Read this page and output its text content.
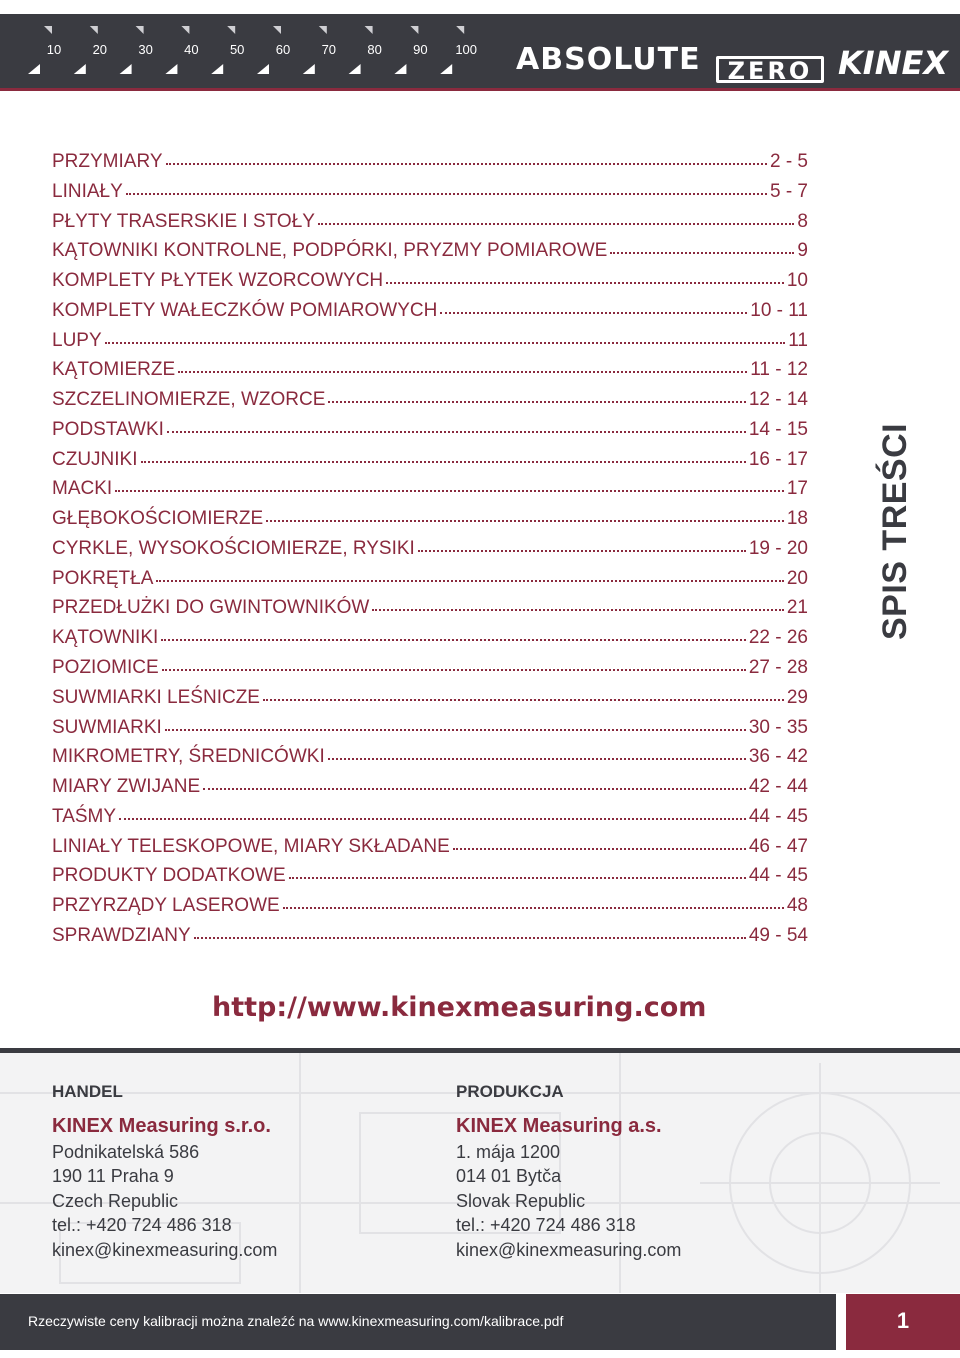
10	20	30	40	50	60	70	80	90	100	ABSOLUTE	ZERO KINEX
PRZYMIARY	2 - 5
LINIAŁY	5 - 7
PŁYTY TRASERSKIE I STOŁY	8
KĄTOWNIKI KONTROLNE, PODPÓRKI, PRYZMY POMIAROWE	9
KOMPLETY PŁYTEK WZORCOWYCH	10
KOMPLETY WAŁECZKÓW POMIAROWYCH	10 - 11
LUPY	11
KĄTOMIERZE	11 - 12
SZCZELINOMIERZE, WZORCE	12 - 14
PODSTAWKI	14 - 15
CZUJNIKI	16 - 17
MACKI	17
GŁĘBOKOŚCIOMIERZE	18
CYRKLE, WYSOKOŚCIOMIERZE, RYSIKI	19 - 20
POKRĘTŁA	20
PRZEDŁUŻKI DO GWINTOWNIKÓW	21
KĄTOWNIKI	22 - 26
POZIOMICE	27 - 28
SUWMIARKI LEŚNICZE	29
SUWMIARKI	30 - 35
MIKROMETRY, ŚREDNICÓWKI	36 - 42
MIARY ZWIJANE	42 - 44
TAŚMY	44 - 45
LINIAŁY TELESKOPOWE, MIARY SKŁADANE	46 - 47
PRODUKTY DODATKOWE	44 - 45
PRZYRZĄDY LASEROWE	48
SPRAWDZIANY	49 - 54
SPIS TREŚCI
http://www.kinexmeasuring.com
HANDEL
KINEX Measuring s.r.o.
Podnikatelská 586
190 11 Praha 9
Czech Republic
tel.: +420 724 486 318
kinex@kinexmeasuring.com
PRODUKCJA
KINEX Measuring a.s.
1. mája 1200
014 01 Bytča
Slovak Republic
tel.: +420 724 486 318
kinex@kinexmeasuring.com
Rzeczywiste ceny kalibracji można znaleźć na www.kinexmeasuring.com/kalibrace.pdf	1
